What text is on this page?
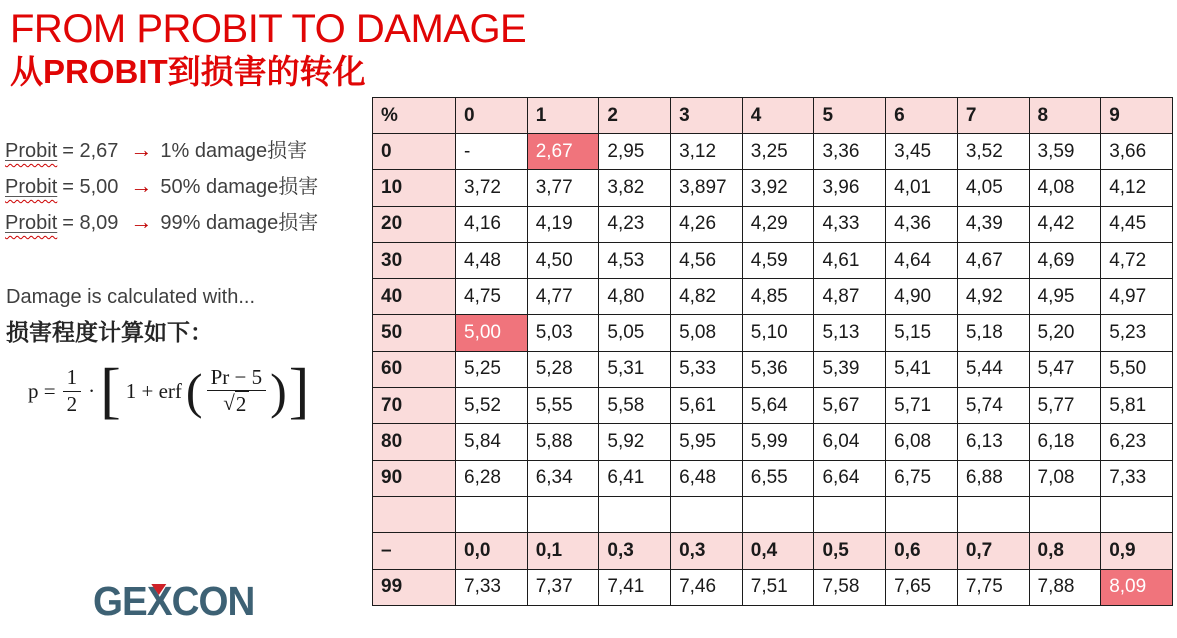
FROM PROBIT TO DAMAGE
从PROBIT到损害的转化
Probit = 2,67 → 1% damage损害
Probit = 5,00 → 50% damage损害
Probit = 8,09 → 99% damage损害
Damage is calculated with...
损害程度计算如下：
$p = \frac{1}{2}$ · [ 1 + erf ( $\frac{Pr - 5}{√ 2}$ ) ]
%	0	1	2	3	4	5	6	7	8	9
0	-	2,67	2,95	3,12	3,25	3,36	3,45	3,52	3,59	3,66
10	3,72	3,77	3,82	3,897	3,92	3,96	4,01	4,05	4,08	4,12
20	4,16	4,19	4,23	4,26	4,29	4,33	4,36	4,39	4,42	4,45
30	4,48	4,50	4,53	4,56	4,59	4,61	4,64	4,67	4,69	4,72
40	4,75	4,77	4,80	4,82	4,85	4,87	4,90	4,92	4,95	4,97
50	5,00	5,03	5,05	5,08	5,10	5,13	5,15	5,18	5,20	5,23
60	5,25	5,28	5,31	5,33	5,36	5,39	5,41	5,44	5,47	5,50
70	5,52	5,55	5,58	5,61	5,64	5,67	5,71	5,74	5,77	5,81
80	5,84	5,88	5,92	5,95	5,99	6,04	6,08	6,13	6,18	6,23
90	6,28	6,34	6,41	6,48	6,55	6,64	6,75	6,88	7,08	7,33

–	0,0	0,1	0,3	0,3	0,4	0,5	0,6	0,7	0,8	0,9
99	7,33	7,37	7,41	7,46	7,51	7,58	7,65	7,75	7,88	8,09
GEXCON
